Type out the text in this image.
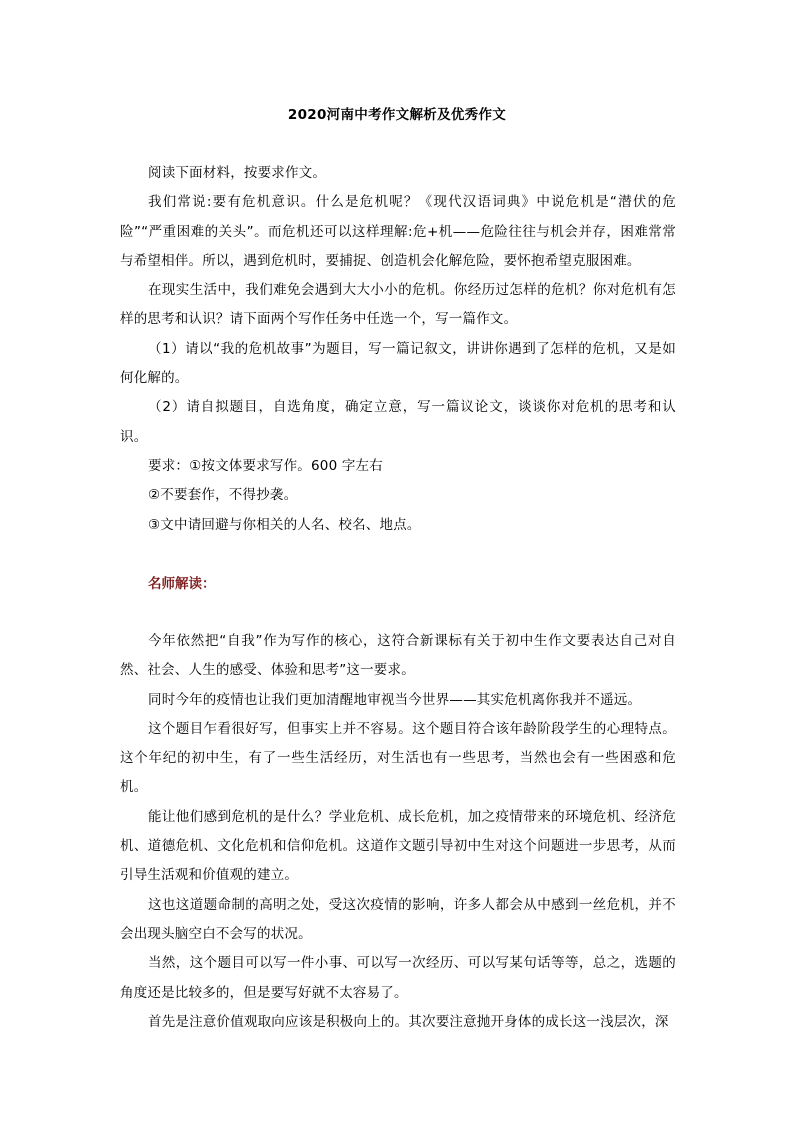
2020河南中考作文解析及优秀作文

阅读下面材料，按要求作文。

我们常说:要有危机意识。什么是危机呢？《现代汉语词典》中说危机是“潜伏的危险”“严重困难的关头”。而危机还可以这样理解:危+机——危险往往与机会并存，困难常常与希望相伴。所以，遇到危机时，要捕捉、创造机会化解危险，要怀抱希望克服困难。

在现实生活中，我们难免会遇到大大小小的危机。你经历过怎样的危机？你对危机有怎样的思考和认识？请下面两个写作任务中任选一个，写一篇作文。

（1）请以“我的危机故事”为题目，写一篇记叙文，讲讲你遇到了怎样的危机，又是如何化解的。

（2）请自拟题目，自选角度，确定立意，写一篇议论文，谈谈你对危机的思考和认识。

要求：①按文体要求写作。600 字左右

②不要套作，不得抄袭。

③文中请回避与你相关的人名、校名、地点。

名师解读：

今年依然把“自我”作为写作的核心，这符合新课标有关于初中生作文要表达自己对自然、社会、人生的感受、体验和思考”这一要求。

同时今年的疫情也让我们更加清醒地审视当今世界——其实危机离你我并不遥远。

这个题目乍看很好写，但事实上并不容易。这个题目符合该年龄阶段学生的心理特点。这个年纪的初中生，有了一些生活经历，对生活也有一些思考，当然也会有一些困惑和危机。

能让他们感到危机的是什么？学业危机、成长危机，加之疫情带来的环境危机、经济危机、道德危机、文化危机和信仰危机。这道作文题引导初中生对这个问题进一步思考，从而引导生活观和价值观的建立。

这也这道题命制的高明之处，受这次疫情的影响，许多人都会从中感到一丝危机，并不会出现头脑空白不会写的状况。

当然，这个题目可以写一件小事、可以写一次经历、可以写某句话等等，总之，选题的角度还是比较多的，但是要写好就不太容易了。

首先是注意价值观取向应该是积极向上的。其次要注意抛开身体的成长这一浅层次，深
